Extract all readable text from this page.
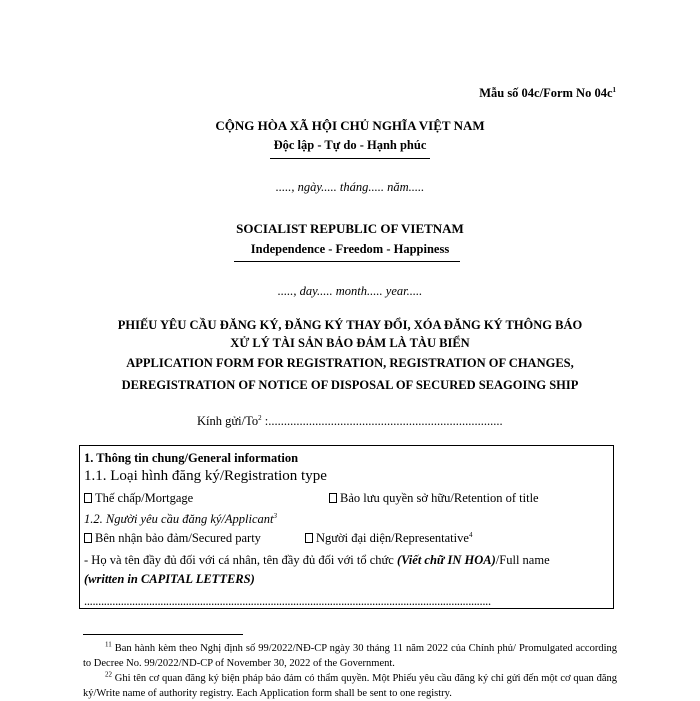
Mẫu số 04c/Form No $04c^1$
CỘNG HÒA XÃ HỘI CHỦ NGHĨA VIỆT NAM
Độc lập - Tự do - Hạnh phúc
....., ngày..... tháng..... năm.....
SOCIALIST REPUBLIC OF VIETNAM
Independence - Freedom - Happiness
....., day..... month..... year.....
PHIẾU YÊU CẦU ĐĂNG KÝ, ĐĂNG KÝ THAY ĐỔI, XÓA ĐĂNG KÝ THÔNG BÁO
XỬ LÝ TÀI SẢN BẢO ĐẢM LÀ TÀU BIỂN
APPLICATION FORM FOR REGISTRATION, REGISTRATION OF CHANGES,
DEREGISTRATION OF NOTICE OF DISPOSAL OF SECURED SEAGOING SHIP
Kính gửi/To$^2$ :...........................................................................
1. Thông tin chung/General information
1.1. Loại hình đăng ký/Registration type
Thế chấp/Mortgage	Bảo lưu quyền sở hữu/Retention of title
1.2. Người yêu cầu đăng ký/Applicant$^3$
Bên nhận bảo đảm/Secured party	Người đại diện/Representative$^4$
- Họ và tên đầy đủ đối với cá nhân, tên đầy đủ đối với tổ chức (Viết chữ IN HOA)/Full name
(written in CAPITAL LETTERS)
................................................................................................................................................
$^{11}$ Ban hành kèm theo Nghị định số 99/2022/NĐ-CP ngày 30 tháng 11 năm 2022 của Chính phủ/ Promulgated according to Decree No. 99/2022/ND-CP of November 30, 2022 of the Government.
$^{22}$ Ghi tên cơ quan đăng ký biện pháp bảo đảm có thẩm quyền. Một Phiếu yêu cầu đăng ký chỉ gửi đến một cơ quan đăng ký/Write name of authority registry. Each Application form shall be sent to one registry.
